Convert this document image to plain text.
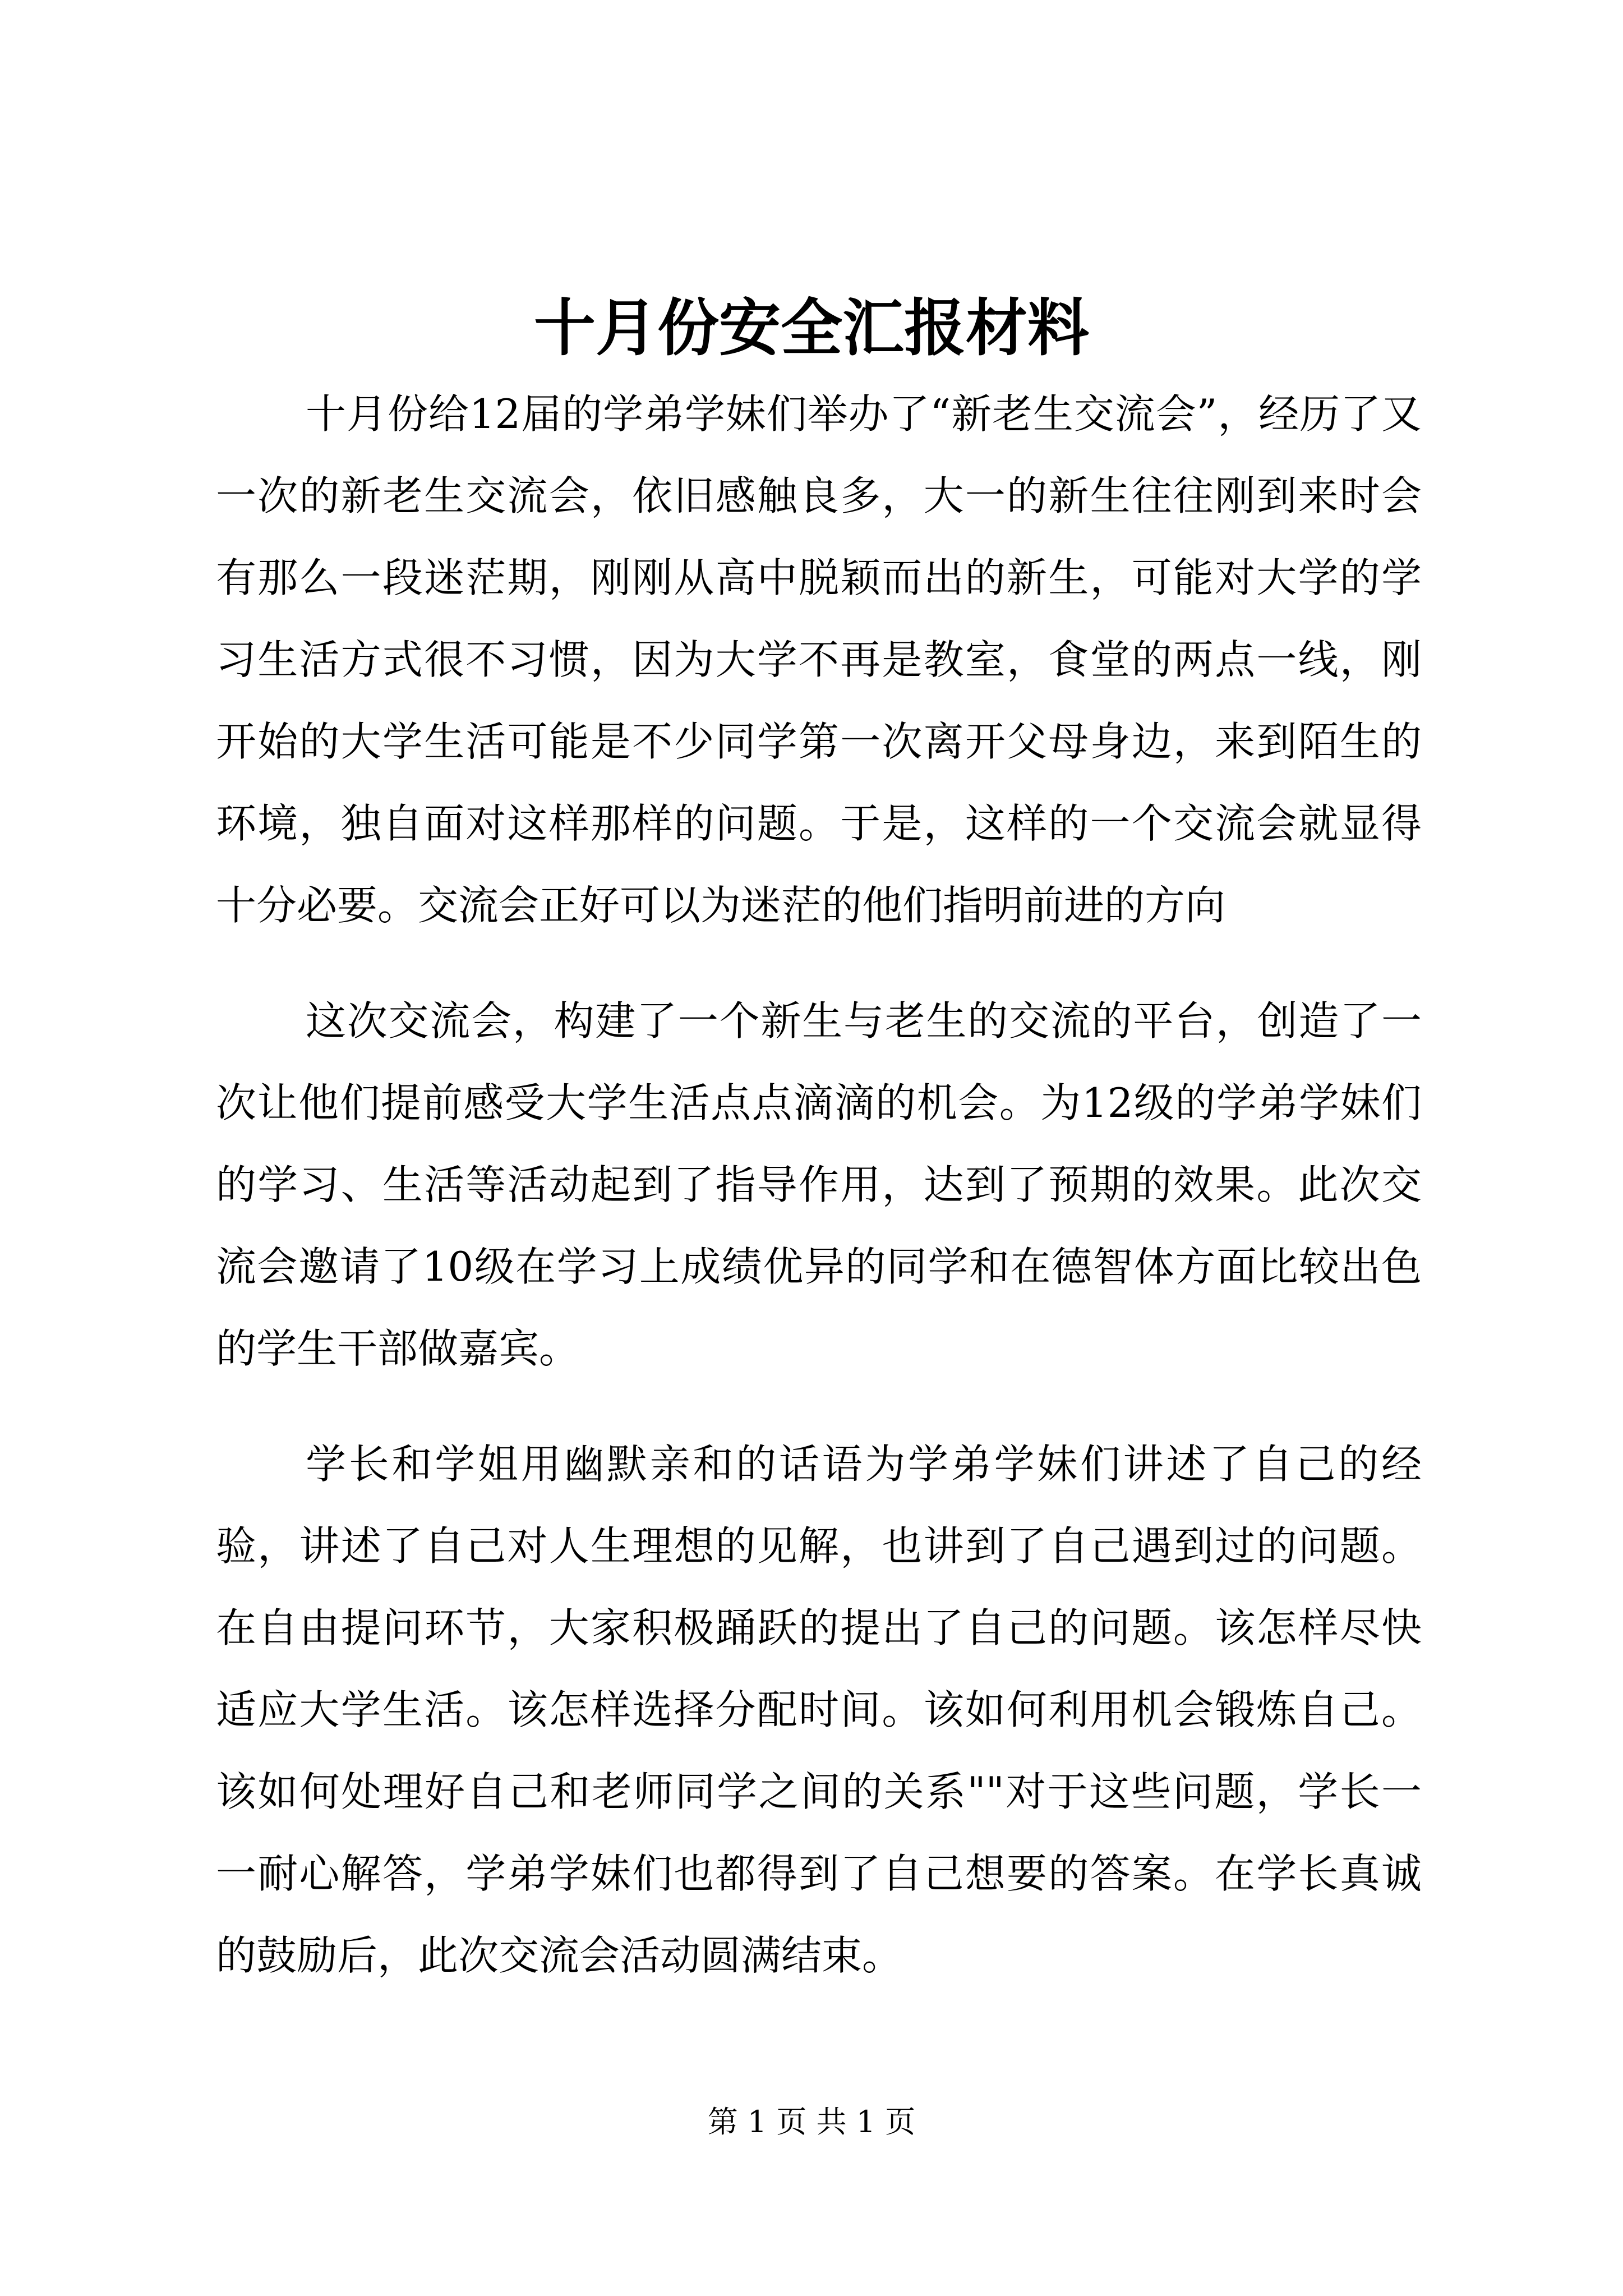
十月份安全汇报材料

十月份给12届的学弟学妹们举办了“新老生交流会”，经历了又一次的新老生交流会，依旧感触良多，大一的新生往往刚到来时会有那么一段迷茫期，刚刚从高中脱颖而出的新生，可能对大学的学习生活方式很不习惯，因为大学不再是教室，食堂的两点一线，刚开始的大学生活可能是不少同学第一次离开父母身边，来到陌生的环境，独自面对这样那样的问题。于是，这样的一个交流会就显得十分必要。交流会正好可以为迷茫的他们指明前进的方向

这次交流会，构建了一个新生与老生的交流的平台，创造了一次让他们提前感受大学生活点点滴滴的机会。为12级的学弟学妹们的学习、生活等活动起到了指导作用，达到了预期的效果。此次交流会邀请了10级在学习上成绩优异的同学和在德智体方面比较出色的学生干部做嘉宾。

学长和学姐用幽默亲和的话语为学弟学妹们讲述了自己的经验，讲述了自己对人生理想的见解，也讲到了自己遇到过的问题。在自由提问环节，大家积极踊跃的提出了自己的问题。该怎样尽快适应大学生活。该怎样选择分配时间。该如何利用机会锻炼自己。该如何处理好自己和老师同学之间的关系""对于这些问题，学长一一耐心解答，学弟学妹们也都得到了自己想要的答案。在学长真诚的鼓励后，此次交流会活动圆满结束。

第 1 页 共 1 页
